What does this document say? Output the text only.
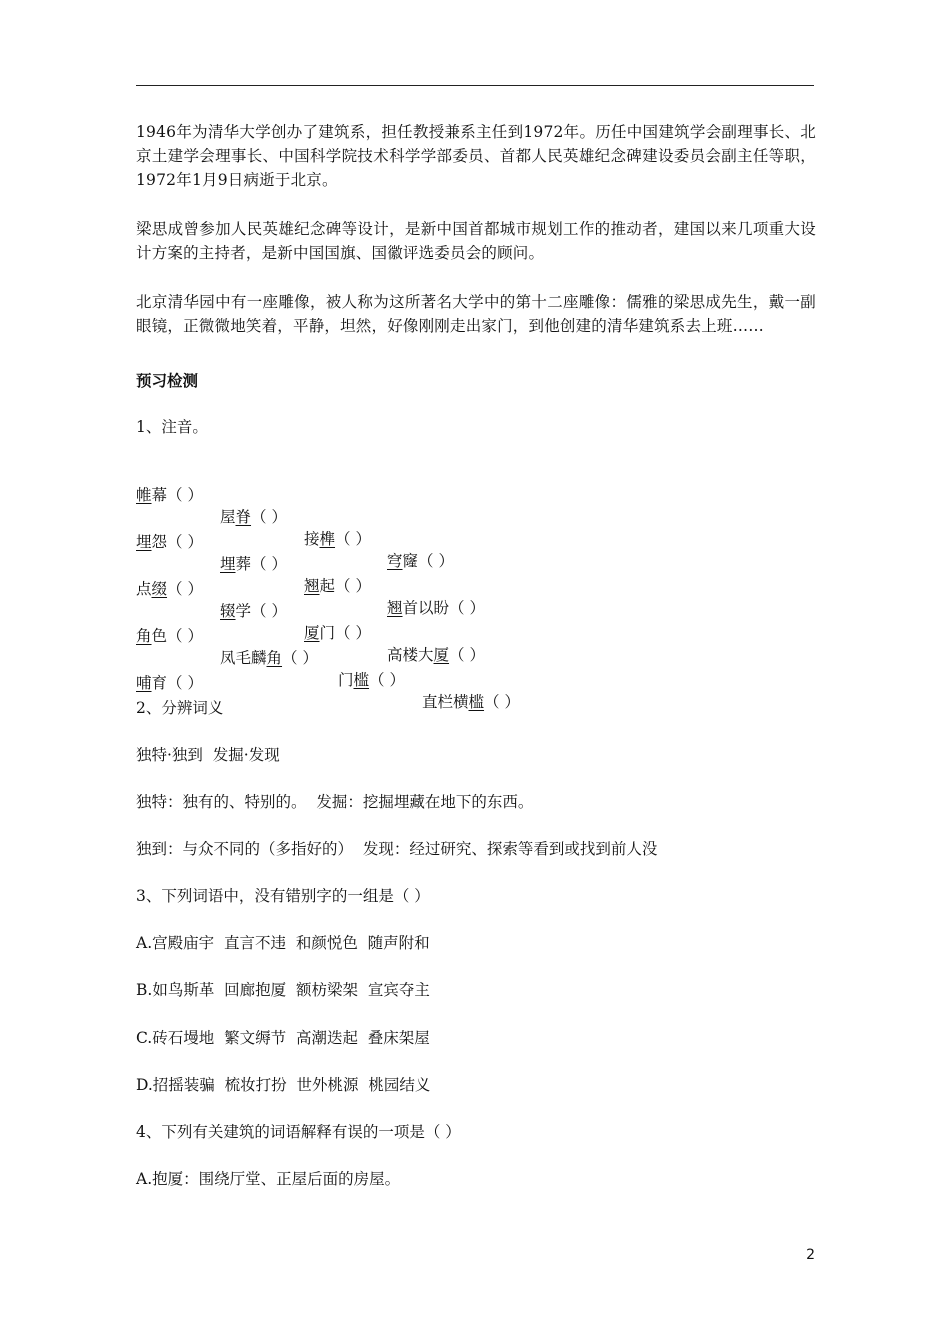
1946年为清华大学创办了建筑系，担任教授兼系主任到1972年。历任中国建筑学会副理事长、北京土建学会理事长、中国科学院技术科学学部委员、首都人民英雄纪念碑建设委员会副主任等职，1972年1月9日病逝于北京。

梁思成曾参加人民英雄纪念碑等设计，是新中国首都城市规划工作的推动者，建国以来几项重大设计方案的主持者，是新中国国旗、国徽评选委员会的顾问。

北京清华园中有一座雕像，被人称为这所著名大学中的第十二座雕像：儒雅的梁思成先生，戴一副眼镜，正微微地笑着，平静，坦然，好像刚刚走出家门，到他创建的清华建筑系去上班……

预习检测
1、注音。

帷幕（ ）

屋脊（ ）

接榫（ ）

穹窿（ ）

埋怨（ ）

埋葬（ ）

翘起（ ）

翘首以盼（ ）

点缀（ ）

辍学（ ）

厦门（ ）

高楼大厦（ ）

角色（ ）

凤毛麟角（ ）

门槛（ ）

直栏横槛（ ）

哺育（ ）

2、分辨词义
独特·独到  发掘·发现
独特：独有的、特别的。  发掘：挖掘埋藏在地下的东西。
独到：与众不同的（多指好的）  发现：经过研究、探索等看到或找到前人没
3、下列词语中，没有错别字的一组是（ ）
A.宫殿庙宇  直言不违  和颜悦色  随声附和
B.如鸟斯革  回廊抱厦  额枋梁架  宣宾夺主
C.砖石墁地  繁文缛节  高潮迭起  叠床架屋
D.招摇装骗  梳妆打扮  世外桃源  桃园结义
4、下列有关建筑的词语解释有误的一项是（ ）
A.抱厦：围绕厅堂、正屋后面的房屋。
2
